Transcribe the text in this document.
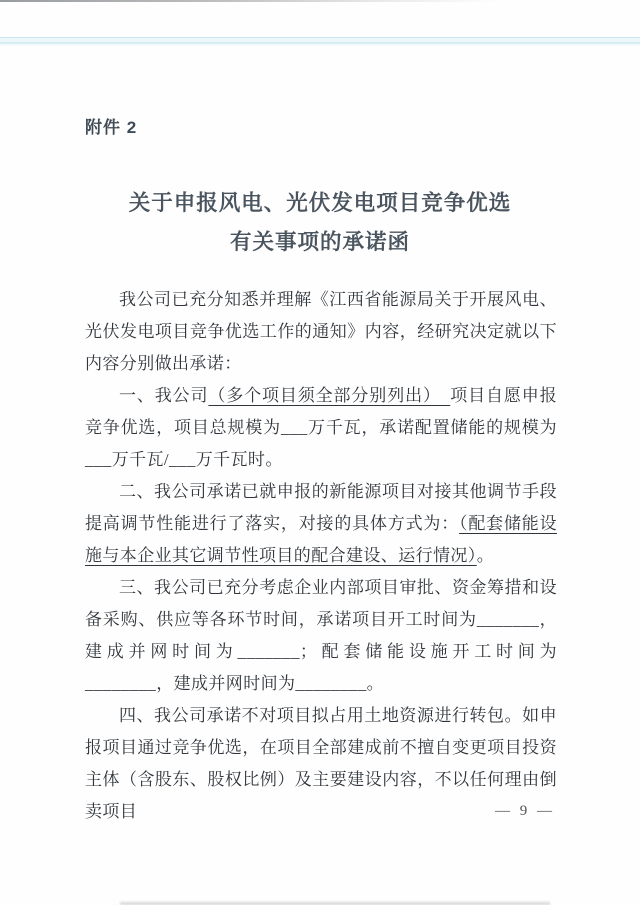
附件 2
关于申报风电、光伏发电项目竞争优选
有关事项的承诺函

我公司已充分知悉并理解《江西省能源局关于开展风电、光伏发电项目竞争优选工作的通知》内容，经研究决定就以下内容分别做出承诺：

一、我公司（多个项目须全部分别列出）　项目自愿申报竞争优选，项目总规模为___万千瓦，承诺配置储能的规模为___万千瓦/___万千瓦时。

二、我公司承诺已就申报的新能源项目对接其他调节手段提高调节性能进行了落实，对接的具体方式为：（配套储能设施与本企业其它调节性项目的配合建设、运行情况）。

三、我公司已充分考虑企业内部项目审批、资金筹措和设备采购、供应等各环节时间，承诺项目开工时间为_______，建成并网时间为_______；配套储能设施开工时间为________，建成并网时间为________。

四、我公司承诺不对项目拟占用土地资源进行转包。如申报项目通过竞争优选，在项目全部建成前不擅自变更项目投资主体（含股东、股权比例）及主要建设内容，不以任何理由倒卖项目	— 9 —
